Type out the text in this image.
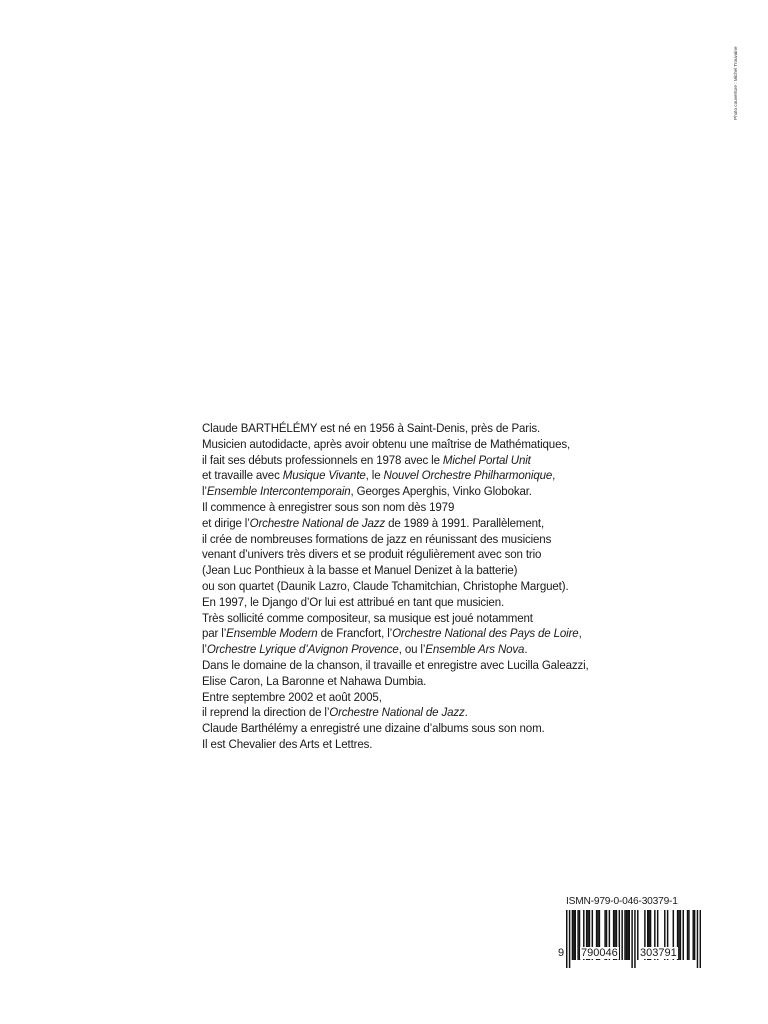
Photo couverture : Michel Trouvaine
Claude BARTHÉLÉMY est né en 1956 à Saint-Denis, près de Paris.
Musicien autodidacte, après avoir obtenu une maîtrise de Mathématiques,
il fait ses débuts professionnels en 1978 avec le Michel Portal Unit
et travaille avec Musique Vivante, le Nouvel Orchestre Philharmonique,
l’Ensemble Intercontemporain, Georges Aperghis, Vinko Globokar.
Il commence à enregistrer sous son nom dès 1979
et dirige l’Orchestre National de Jazz de 1989 à 1991. Parallèlement,
il crée de nombreuses formations de jazz en réunissant des musiciens
venant d’univers très divers et se produit régulièrement avec son trio
(Jean Luc Ponthieux à la basse et Manuel Denizet à la batterie)
ou son quartet (Daunik Lazro, Claude Tchamitchian, Christophe Marguet).
En 1997, le Django d’Or lui est attribué en tant que musicien.
Très sollicité comme compositeur, sa musique est joué notamment
par l’Ensemble Modern de Francfort, l’Orchestre National des Pays de Loire,
l’Orchestre Lyrique d’Avignon Provence, ou l’Ensemble Ars Nova.
Dans le domaine de la chanson, il travaille et enregistre avec Lucilla Galeazzi,
Elise Caron, La Baronne et Nahawa Dumbia.
Entre septembre 2002 et août 2005,
il reprend la direction de l’Orchestre National de Jazz.
Claude Barthélémy a enregistré une dizaine d’albums sous son nom.
Il est Chevalier des Arts et Lettres.
ISMN-979-0-046-30379-1
9 790046 303791
